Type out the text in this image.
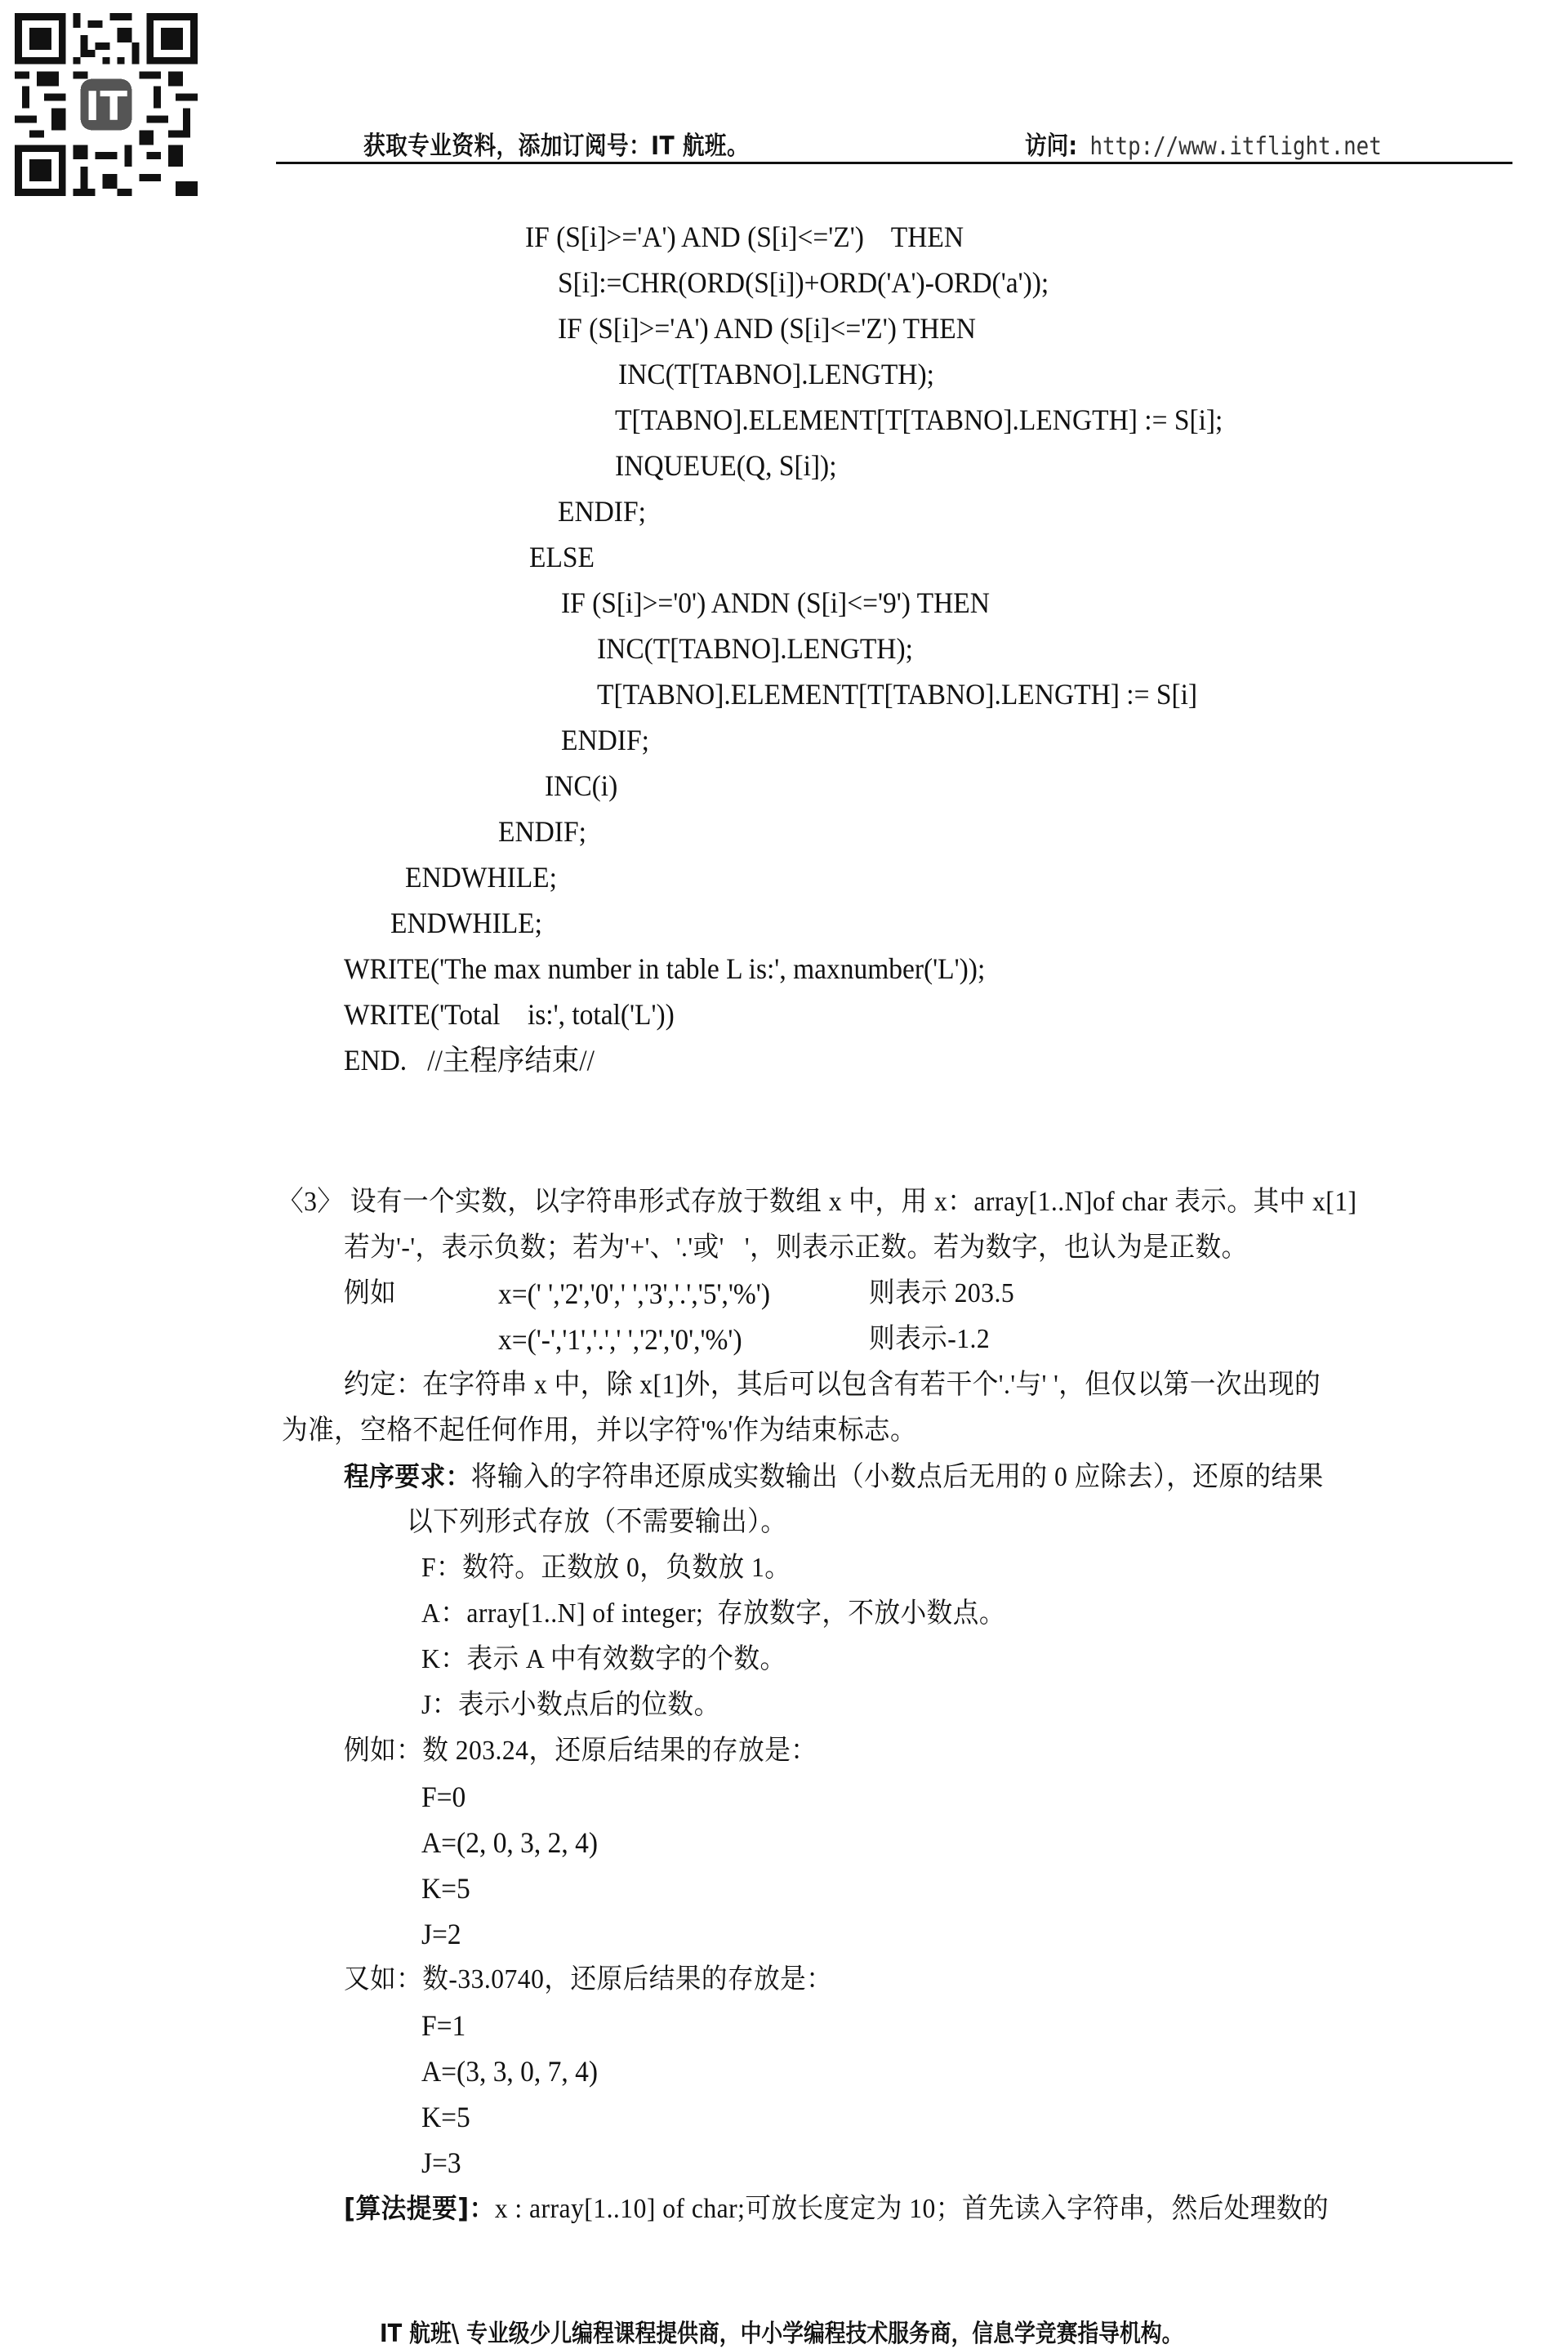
IT
获取专业资料，添加订阅号：IT 航班。	访问: http://www.itflight.net
IF (S[i]>='A') AND (S[i]<='Z')    THEN
S[i]:=CHR(ORD(S[i])+ORD('A')-ORD('a'));
IF (S[i]>='A') AND (S[i]<='Z') THEN
INC(T[TABNO].LENGTH);
T[TABNO].ELEMENT[T[TABNO].LENGTH] := S[i];
INQUEUE(Q, S[i]);
ENDIF;
ELSE
IF (S[i]>='0') ANDN (S[i]<='9') THEN
INC(T[TABNO].LENGTH);
T[TABNO].ELEMENT[T[TABNO].LENGTH] := S[i]
ENDIF;
INC(i)
ENDIF;
ENDWHILE;
ENDWHILE;
WRITE('The max number in table L is:', maxnumber('L'));
WRITE('Total    is:', total('L'))
END.   //主程序结束//
〈3〉 设有一个实数，以字符串形式存放于数组 x 中，用 x：array[1..N]of char 表示。其中 x[1]
若为'-'，表示负数；若为'+'、'.'或'   '，则表示正数。若为数字，也认为是正数。
例如	x=(' ','2','0',' ','3','.','5','%')	则表示 203.5
x=('-','1','.',' ','2','0','%')	则表示-1.2
约定：在字符串 x 中，除 x[1]外，其后可以包含有若干个'.'与' '，但仅以第一次出现的
为准，空格不起任何作用，并以字符'%'作为结束标志。
程序要求：将输入的字符串还原成实数输出（小数点后无用的 0 应除去），还原的结果
以下列形式存放（不需要输出）。
F：数符。正数放 0，负数放 1。
A：array[1..N] of integer;  存放数字，不放小数点。
K：表示 A 中有效数字的个数。
J：表示小数点后的位数。
例如：数 203.24，还原后结果的存放是：
F=0
A=(2, 0, 3, 2, 4)
K=5
J=2
又如：数-33.0740，还原后结果的存放是：
F=1
A=(3, 3, 0, 7, 4)
K=5
J=3
[算法提要]：x : array[1..10] of char;可放长度定为 10；首先读入字符串，然后处理数的
IT 航班\ 专业级少儿编程课程提供商，中小学编程技术服务商，信息学竞赛指导机构。
